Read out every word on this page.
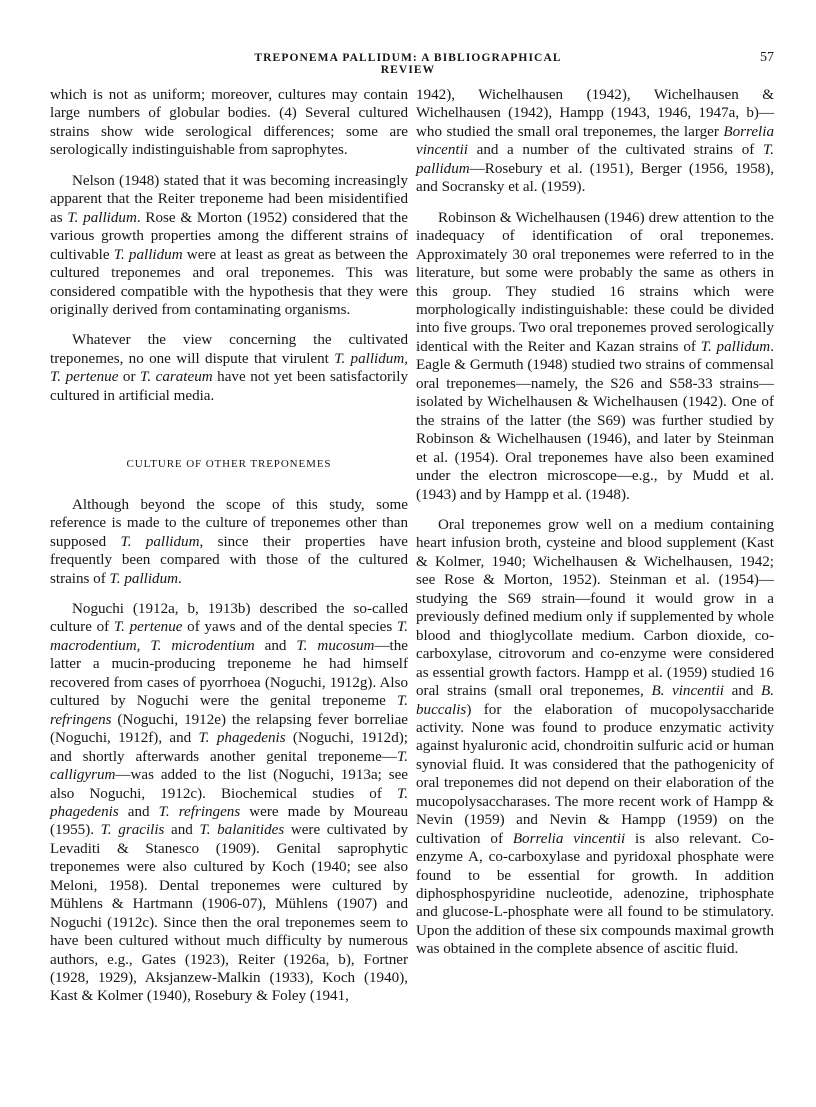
TREPONEMA PALLIDUM: A BIBLIOGRAPHICAL REVIEW
57

which is not as uniform; moreover, cultures may contain large numbers of globular bodies. (4) Several cultured strains show wide serological differences; some are serologically indistinguishable from saprophytes.

Nelson (1948) stated that it was becoming increasingly apparent that the Reiter treponeme had been misidentified as T. pallidum. Rose & Morton (1952) considered that the various growth properties among the different strains of cultivable T. pallidum were at least as great as between the cultured treponemes and oral treponemes. This was considered compatible with the hypothesis that they were originally derived from contaminating organisms.

Whatever the view concerning the cultivated treponemes, no one will dispute that virulent T. pallidum, T. pertenue or T. carateum have not yet been satisfactorily cultured in artificial media.

CULTURE OF OTHER TREPONEMES

Although beyond the scope of this study, some reference is made to the culture of treponemes other than supposed T. pallidum, since their properties have frequently been compared with those of the cultured strains of T. pallidum.

Noguchi (1912a, b, 1913b) described the so-called culture of T. pertenue of yaws and of the dental species T. macrodentium, T. microdentium and T. mucosum—the latter a mucin-producing treponeme he had himself recovered from cases of pyorrhoea (Noguchi, 1912g). Also cultured by Noguchi were the genital treponeme T. refringens (Noguchi, 1912e) the relapsing fever borreliae (Noguchi, 1912f), and T. phagedenis (Noguchi, 1912d); and shortly afterwards another genital treponeme—T. calligyrum—was added to the list (Noguchi, 1913a; see also Noguchi, 1912c). Biochemical studies of T. phagedenis and T. refringens were made by Moureau (1955). T. gracilis and T. balanitides were cultivated by Levaditi & Stanesco (1909). Genital saprophytic treponemes were also cultured by Koch (1940; see also Meloni, 1958). Dental treponemes were cultured by Mühlens & Hartmann (1906-07), Mühlens (1907) and Noguchi (1912c). Since then the oral treponemes seem to have been cultured without much difficulty by numerous authors, e.g., Gates (1923), Reiter (1926a, b), Fortner (1928, 1929), Aksjanzew-Malkin (1933), Koch (1940), Kast & Kolmer (1940), Rosebury & Foley (1941,

1942), Wichelhausen (1942), Wichelhausen & Wichelhausen (1942), Hampp (1943, 1946, 1947a, b)—who studied the small oral treponemes, the larger Borrelia vincentii and a number of the cultivated strains of T. pallidum—Rosebury et al. (1951), Berger (1956, 1958), and Socransky et al. (1959).

Robinson & Wichelhausen (1946) drew attention to the inadequacy of identification of oral treponemes. Approximately 30 oral treponemes were referred to in the literature, but some were probably the same as others in this group. They studied 16 strains which were morphologically indistinguishable: these could be divided into five groups. Two oral treponemes proved serologically identical with the Reiter and Kazan strains of T. pallidum. Eagle & Germuth (1948) studied two strains of commensal oral treponemes—namely, the S26 and S58-33 strains—isolated by Wichelhausen & Wichelhausen (1942). One of the strains of the latter (the S69) was further studied by Robinson & Wichelhausen (1946), and later by Steinman et al. (1954). Oral treponemes have also been examined under the electron microscope—e.g., by Mudd et al. (1943) and by Hampp et al. (1948).

Oral treponemes grow well on a medium containing heart infusion broth, cysteine and blood supplement (Kast & Kolmer, 1940; Wichelhausen & Wichelhausen, 1942; see Rose & Morton, 1952). Steinman et al. (1954)—studying the S69 strain—found it would grow in a previously defined medium only if supplemented by whole blood and thioglycollate medium. Carbon dioxide, co-carboxylase, citrovorum and co-enzyme were considered as essential growth factors. Hampp et al. (1959) studied 16 oral strains (small oral treponemes, B. vincentii and B. buccalis) for the elaboration of mucopolysaccharide activity. None was found to produce enzymatic activity against hyaluronic acid, chondroitin sulfuric acid or human synovial fluid. It was considered that the pathogenicity of oral treponemes did not depend on their elaboration of the mucopolysaccharases. The more recent work of Hampp & Nevin (1959) and Nevin & Hampp (1959) on the cultivation of Borrelia vincentii is also relevant. Co-enzyme A, co-carboxylase and pyridoxal phosphate were found to be essential for growth. In addition diphosphospyridine nucleotide, adenozine, triphosphate and glucose-L-phosphate were all found to be stimulatory. Upon the addition of these six compounds maximal growth was obtained in the complete absence of ascitic fluid.
